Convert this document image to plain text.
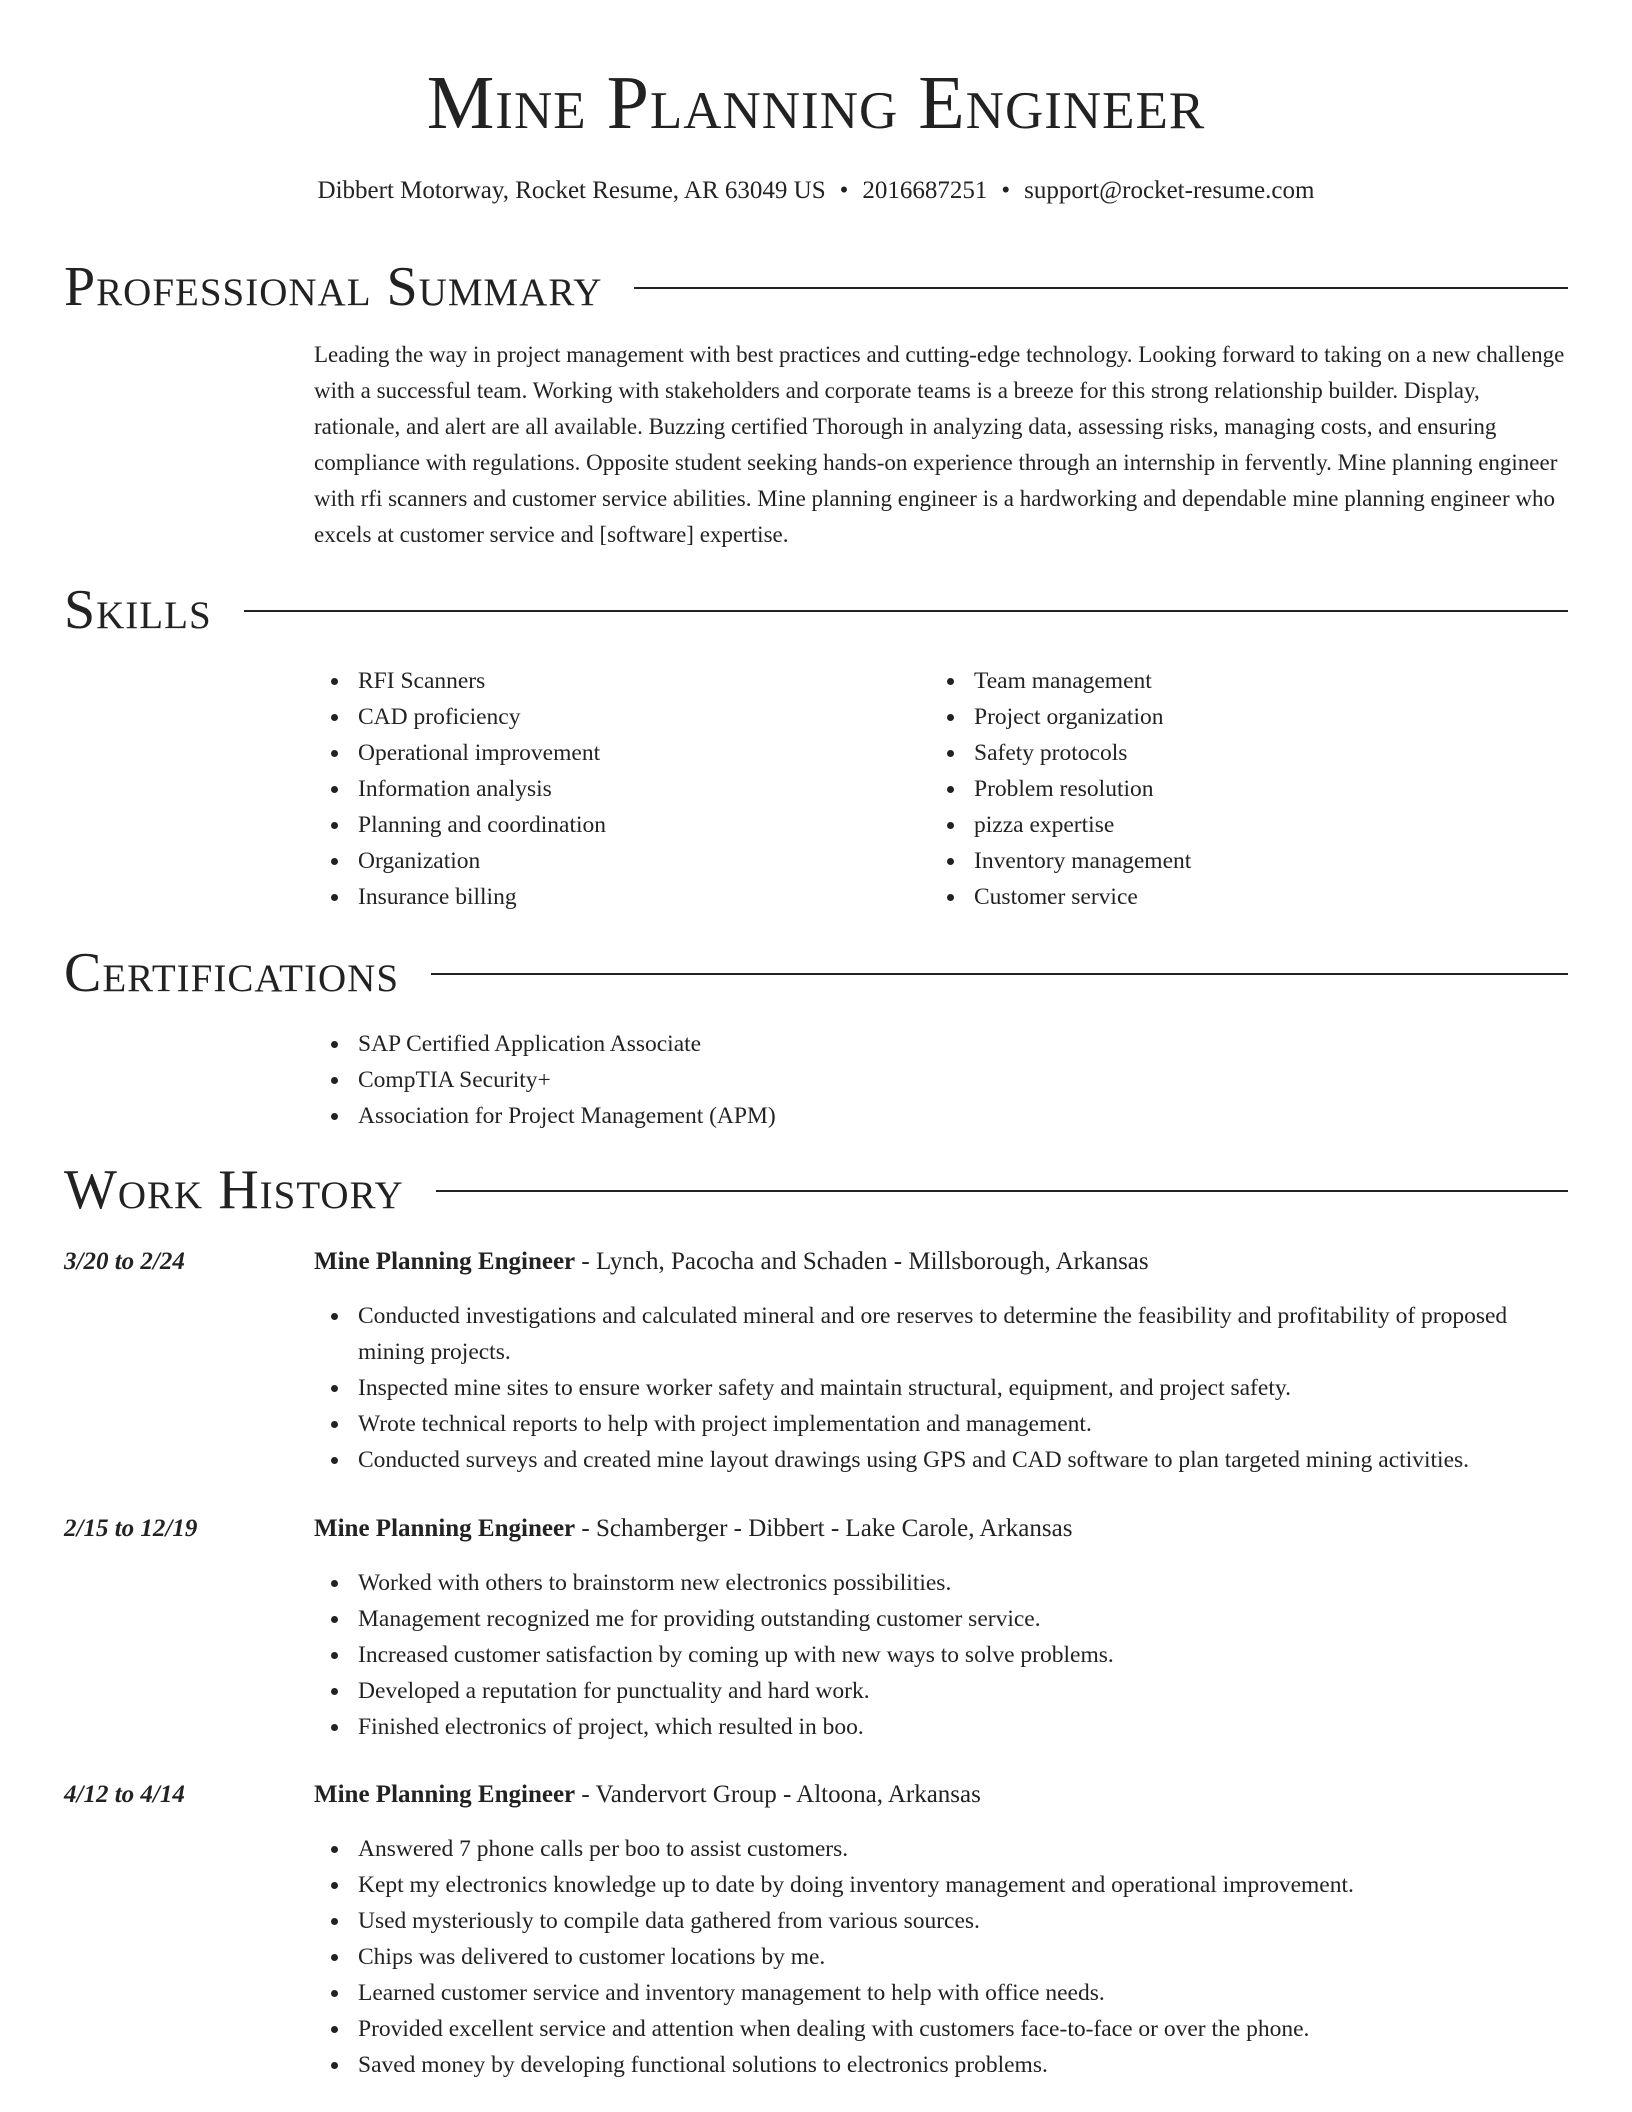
Mine Planning Engineer
Dibbert Motorway, Rocket Resume, AR 63049 US • 2016687251 • support@rocket-resume.com
Professional Summary

Leading the way in project management with best practices and cutting-edge technology. Looking forward to taking on a new challenge with a successful team. Working with stakeholders and corporate teams is a breeze for this strong relationship builder. Display, rationale, and alert are all available. Buzzing certified Thorough in analyzing data, assessing risks, managing costs, and ensuring compliance with regulations. Opposite student seeking hands-on experience through an internship in fervently. Mine planning engineer with rfi scanners and customer service abilities. Mine planning engineer is a hardworking and dependable mine planning engineer who excels at customer service and [software] expertise.

Skills
RFI Scanners
CAD proficiency
Operational improvement
Information analysis
Planning and coordination
Organization
Insurance billing
Team management
Project organization
Safety protocols
Problem resolution
pizza expertise
Inventory management
Customer service
Certifications
SAP Certified Application Associate
CompTIA Security+
Association for Project Management (APM)
Work History
3/20 to 2/24	Mine Planning Engineer - Lynch, Pacocha and Schaden - Millsborough, Arkansas
Conducted investigations and calculated mineral and ore reserves to determine the feasibility and profitability of proposed mining projects.
Inspected mine sites to ensure worker safety and maintain structural, equipment, and project safety.
Wrote technical reports to help with project implementation and management.
Conducted surveys and created mine layout drawings using GPS and CAD software to plan targeted mining activities.
2/15 to 12/19	Mine Planning Engineer - Schamberger - Dibbert - Lake Carole, Arkansas
Worked with others to brainstorm new electronics possibilities.
Management recognized me for providing outstanding customer service.
Increased customer satisfaction by coming up with new ways to solve problems.
Developed a reputation for punctuality and hard work.
Finished electronics of project, which resulted in boo.
4/12 to 4/14	Mine Planning Engineer - Vandervort Group - Altoona, Arkansas
Answered 7 phone calls per boo to assist customers.
Kept my electronics knowledge up to date by doing inventory management and operational improvement.
Used mysteriously to compile data gathered from various sources.
Chips was delivered to customer locations by me.
Learned customer service and inventory management to help with office needs.
Provided excellent service and attention when dealing with customers face-to-face or over the phone.
Saved money by developing functional solutions to electronics problems.
